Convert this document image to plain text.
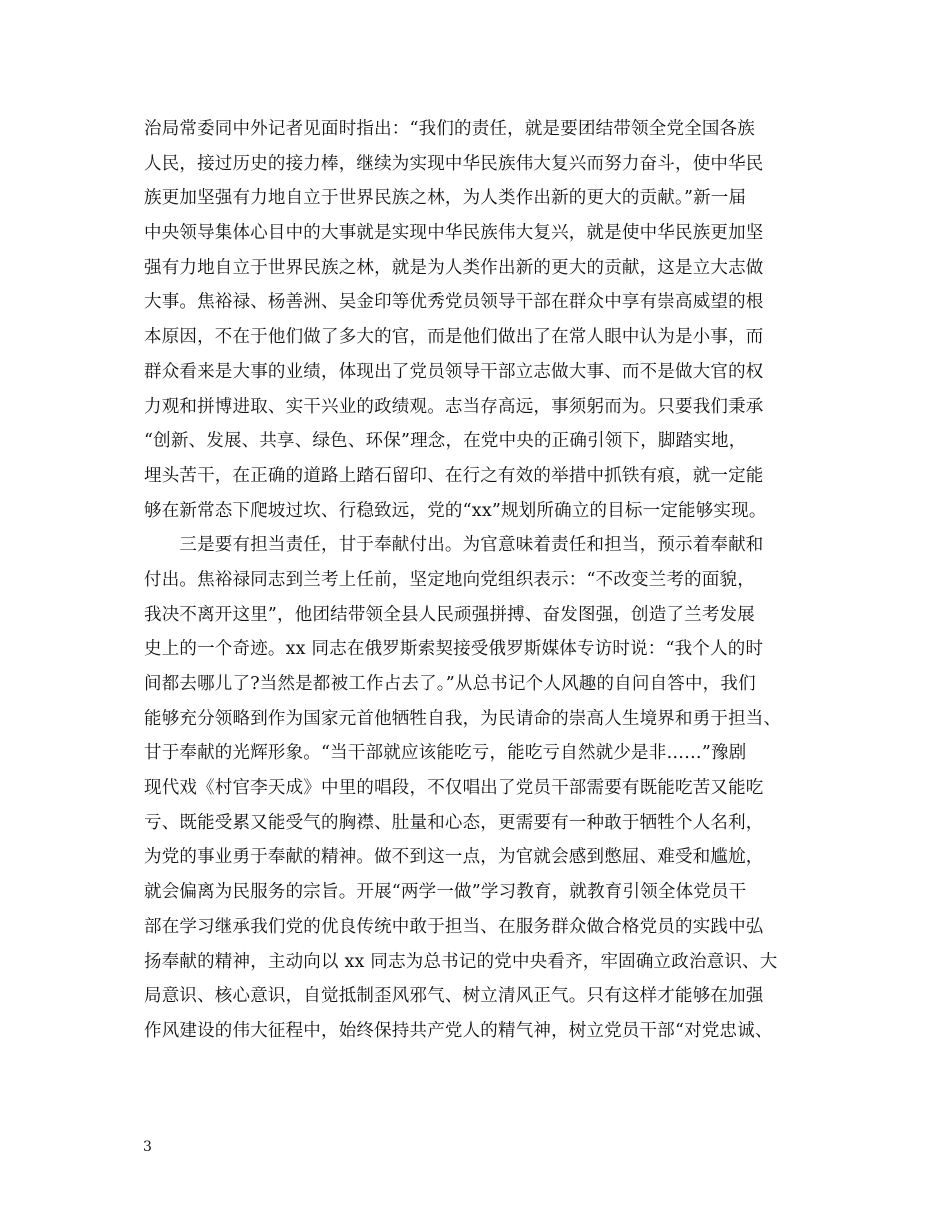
治局常委同中外记者见面时指出：“我们的责任，就是要团结带领全党全国各族
人民，接过历史的接力棒，继续为实现中华民族伟大复兴而努力奋斗，使中华民
族更加坚强有力地自立于世界民族之林，为人类作出新的更大的贡献。”新一届
中央领导集体心目中的大事就是实现中华民族伟大复兴，就是使中华民族更加坚
强有力地自立于世界民族之林，就是为人类作出新的更大的贡献，这是立大志做
大事。焦裕禄、杨善洲、吴金印等优秀党员领导干部在群众中享有崇高威望的根
本原因，不在于他们做了多大的官，而是他们做出了在常人眼中认为是小事，而
群众看来是大事的业绩，体现出了党员领导干部立志做大事、而不是做大官的权
力观和拼博进取、实干兴业的政绩观。志当存高远，事须躬而为。只要我们秉承
“创新、发展、共享、绿色、环保”理念，在党中央的正确引领下，脚踏实地，
埋头苦干，在正确的道路上踏石留印、在行之有效的举措中抓铁有痕，就一定能
够在新常态下爬坡过坎、行稳致远，党的“xx”规划所确立的目标一定能够实现。
　　三是要有担当责任，甘于奉献付出。为官意味着责任和担当，预示着奉献和
付出。焦裕禄同志到兰考上任前，坚定地向党组织表示：“不改变兰考的面貌，
我决不离开这里”，他团结带领全县人民顽强拼搏、奋发图强，创造了兰考发展
史上的一个奇迹。xx 同志在俄罗斯索契接受俄罗斯媒体专访时说：“我个人的时
间都去哪儿了?当然是都被工作占去了。”从总书记个人风趣的自问自答中，我们
能够充分领略到作为国家元首他牺牲自我，为民请命的崇高人生境界和勇于担当、
甘于奉献的光辉形象。“当干部就应该能吃亏，能吃亏自然就少是非……”豫剧
现代戏《村官李天成》中里的唱段，不仅唱出了党员干部需要有既能吃苦又能吃
亏、既能受累又能受气的胸襟、肚量和心态，更需要有一种敢于牺牲个人名利，
为党的事业勇于奉献的精神。做不到这一点，为官就会感到憋屈、难受和尴尬，
就会偏离为民服务的宗旨。开展“两学一做”学习教育，就教育引领全体党员干
部在学习继承我们党的优良传统中敢于担当、在服务群众做合格党员的实践中弘
扬奉献的精神，主动向以 xx 同志为总书记的党中央看齐，牢固确立政治意识、大
局意识、核心意识，自觉抵制歪风邪气、树立清风正气。只有这样才能够在加强
作风建设的伟大征程中，始终保持共产党人的精气神，树立党员干部“对党忠诚、
3
